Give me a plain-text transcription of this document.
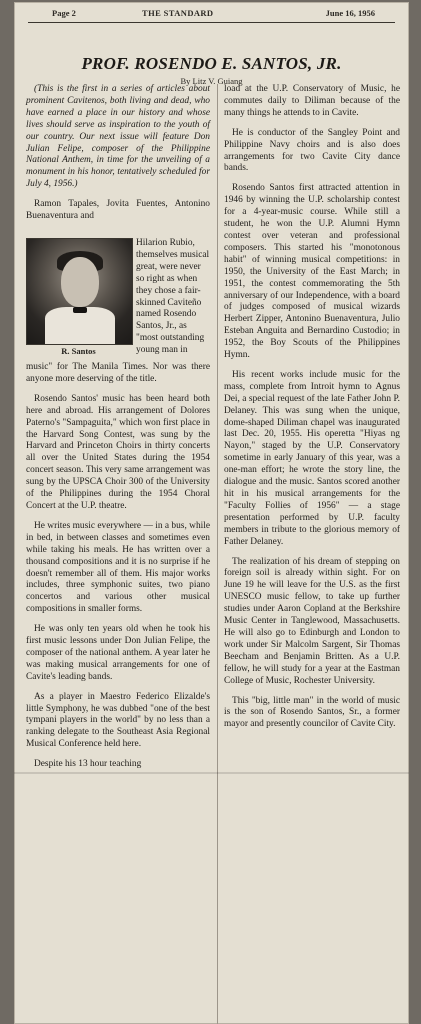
Page 2	THE STANDARD	June 16, 1956
PROF. ROSENDO E. SANTOS, JR.
By Litz V. Guiang

(This is the first in a series of articles about prominent Cavitenos, both living and dead, who have earned a place in our history and whose lives should serve as inspiration to the youth of our country. Our next issue will feature Don Julian Felipe, composer of the Philippine National Anthem, in time for the unveiling of a monument in his honor, tentatively scheduled for July 4, 1956.)

Ramon Tapales, Jovita Fuentes, Antonino Buenaventura and

R. Santos
Hilarion Rubio, themselves musical great, were never so right as when they chose a fair-skinned Caviteño named Rosendo Santos, Jr., as "most outstanding young man in

music" for The Manila Times. Nor was there anyone more deserving of the title.

Rosendo Santos' music has been heard both here and abroad. His arrangement of Dolores Paterno's "Sampaguita," which won first place in the Harvard Song Contest, was sung by the Harvard and Princeton Choirs in thirty concerts all over the United States during the 1954 concert season. This very same arrangement was sung by the UPSCA Choir 300 of the University of the Philippines during the 1954 Choral Concert at the U.P. theatre.

He writes music everywhere — in a bus, while in bed, in between classes and sometimes even while taking his meals. He has written over a thousand compositions and it is no surprise if he doesn't remember all of them. His major works includes, three symphonic suites, two piano concertos and various other musical compositions in smaller forms.

He was only ten years old when he took his first music lessons under Don Julian Felipe, the composer of the national anthem. A year later he was making musical arrangements for one of Cavite's leading bands.

As a player in Maestro Federico Elizalde's little Symphony, he was dubbed "one of the best tympani players in the world" by no less than a ranking delegate to the Southeast Asia Regional Musical Conference held here.

Despite his 13 hour teaching

load at the U.P. Conservatory of Music, he commutes daily to Diliman because of the many things he attends to in Cavite.

He is conductor of the Sangley Point and Philippine Navy choirs and is also does arrangements for two Cavite City dance bands.

Rosendo Santos first attracted attention in 1946 by winning the U.P. scholarship contest for a 4-year-music course. While still a student, he won the U.P. Alumni Hymn contest over veteran and professional composers. This started his "monotonous habit" of winning musical competitions: in 1950, the University of the East March; in 1951, the contest commemorating the 5th anniversary of our Independence, with a board of judges composed of musical wizards Herbert Zipper, Antonino Buenaventura, Julio Esteban Anguita and Bernardino Custodio; in 1952, the Boy Scouts of the Philippines Hymn.

His recent works include music for the mass, complete from Introit hymn to Agnus Dei, a special request of the late Father John P. Delaney. This was sung when the unique, dome-shaped Diliman chapel was inaugurated last Dec. 20, 1955. His operetta "Hiyas ng Nayon," staged by the U.P. Conservatory sometime in early January of this year, was a one-man effort; he wrote the story line, the dialogue and the music. Santos scored another hit in his musical arrangements for the "Faculty Follies of 1956" — a stage presentation performed by U.P. faculty members in tribute to the glorious memory of Father Delaney.

The realization of his dream of stepping on foreign soil is already within sight. For on June 19 he will leave for the U.S. as the first UNESCO music fellow, to take up further studies under Aaron Copland at the Berkshire Music Center in Tanglewood, Massachusetts. He will also go to Edinburgh and London to work under Sir Malcolm Sargent, Sir Thomas Beecham and Benjamin Britten. As a U.P. fellow, he will study for a year at the Eastman College of Music, Rochester University.

This "big, little man" in the world of music is the son of Rosendo Santos, Sr., a former mayor and presently councilor of Cavite City.
